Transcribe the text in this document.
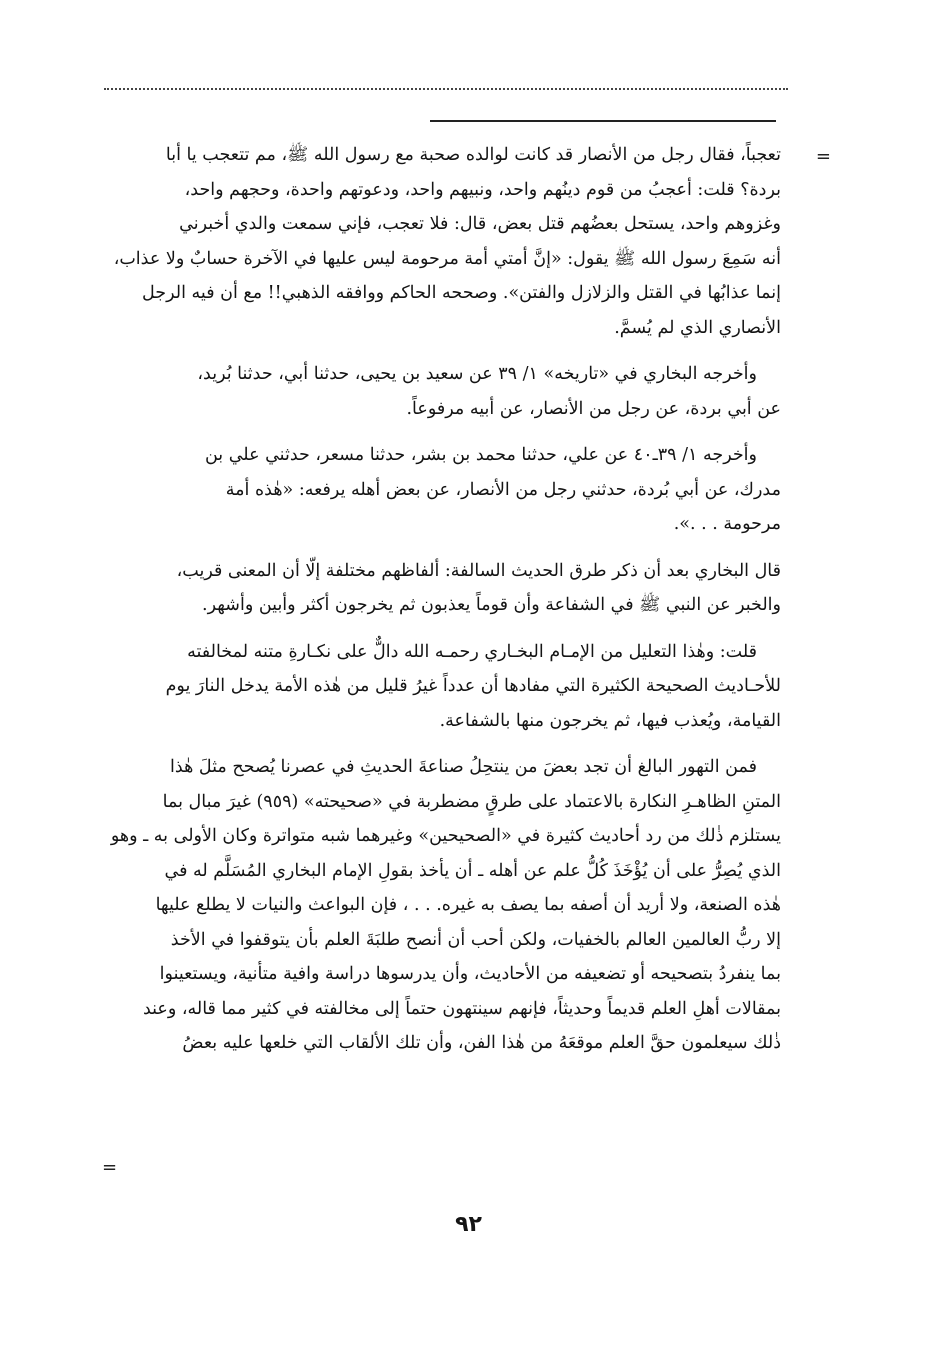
=

تعجباً، فقال رجل من الأنصار قد كانت لوالده صحبة مع رسول الله ﷺ، مم تتعجب يا أبا
بردة؟ قلت: أعجبُ من قوم دينُهم واحد، ونبيهم واحد، ودعوتهم واحدة، وحجهم واحد،
وغزوهم واحد، يستحل بعضُهم قتل بعض، قال: فلا تعجب، فإني سمعت والدي أخبرني
أنه سَمِعَ رسول الله ﷺ يقول: «إنَّ أمتي أمة مرحومة ليس عليها في الآخرة حسابٌ ولا عذاب،
إنما عذابُها في القتل والزلازل والفتن». وصححه الحاكم ووافقه الذهبي!! مع أن فيه الرجل
الأنصاري الذي لم يُسمَّ.

وأخرجه البخاري في «تاريخه» ١/ ٣٩ عن سعيد بن يحيى، حدثنا أبي، حدثنا بُريد،
عن أبي بردة، عن رجل من الأنصار، عن أبيه مرفوعاً.

وأخرجه ١/ ٣٩ـ٤٠ عن علي، حدثنا محمد بن بشر، حدثنا مسعر، حدثني علي بن
مدرك، عن أبي بُردة، حدثني رجل من الأنصار، عن بعض أهله يرفعه: «هٰذه أمة
مرحومة . . .».

قال البخاري بعد أن ذكر طرق الحديث السالفة: ألفاظهم مختلفة إلّا أن المعنى قريب،
والخبر عن النبي ﷺ في الشفاعة وأن قوماً يعذبون ثم يخرجون أكثر وأبين وأشهر.

قلت: وهٰذا التعليل من الإمـام البخـاري رحمـه الله دالٌّ على نكـارةِ متنه لمخالفته
للأحـاديث الصحيحة الكثيرة التي مفادها أن عدداً غيرُ قليل من هٰذه الأمة يدخل النارَ يوم
القيامة، ويُعذب فيها، ثم يخرجون منها بالشفاعة.

فمن التهور البالغ أن تجد بعضَ من ينتحِلُ صناعةَ الحديثِ في عصرنا يُصحح مثلَ هٰذا
المتنِ الظاهـرِ النكارة بالاعتماد على طرقٍ مضطربة في «صحيحته» (٩٥٩) غيرَ مبال بما
يستلزم ذٰلك من رد أحاديث كثيرة في «الصحيحين» وغيرهما شبه متواترة وكان الأولى به ـ وهو
الذي يُصِرُّ على أن يُؤْخَذَ كُلُّ علم عن أهله ـ أن يأخذ بقولِ الإمام البخاري المُسَلَّم له في
هٰذه الصنعة، ولا أريد أن أصفه بما يصف به غيره. . . ، فإن البواعث والنيات لا يطلع عليها
إلا ربُّ العالمين العالم بالخفيات، ولكن أحب أن أنصح طلبَةَ العلم بأن يتوقفوا في الأخذ
بما ينفردُ بتصحيحه أو تضعيفه من الأحاديث، وأن يدرسوها دراسة وافية متأنية، ويستعينوا
بمقالات أهلِ العلم قديماً وحديثاً، فإنهم سينتهون حتماً إلى مخالفته في كثير مما قاله، وعند
ذٰلك سيعلمون حقَّ العلم موقعَهُ من هٰذا الفن، وأن تلك الألقاب التي خلعها عليه بعضُ

=
٩٢
